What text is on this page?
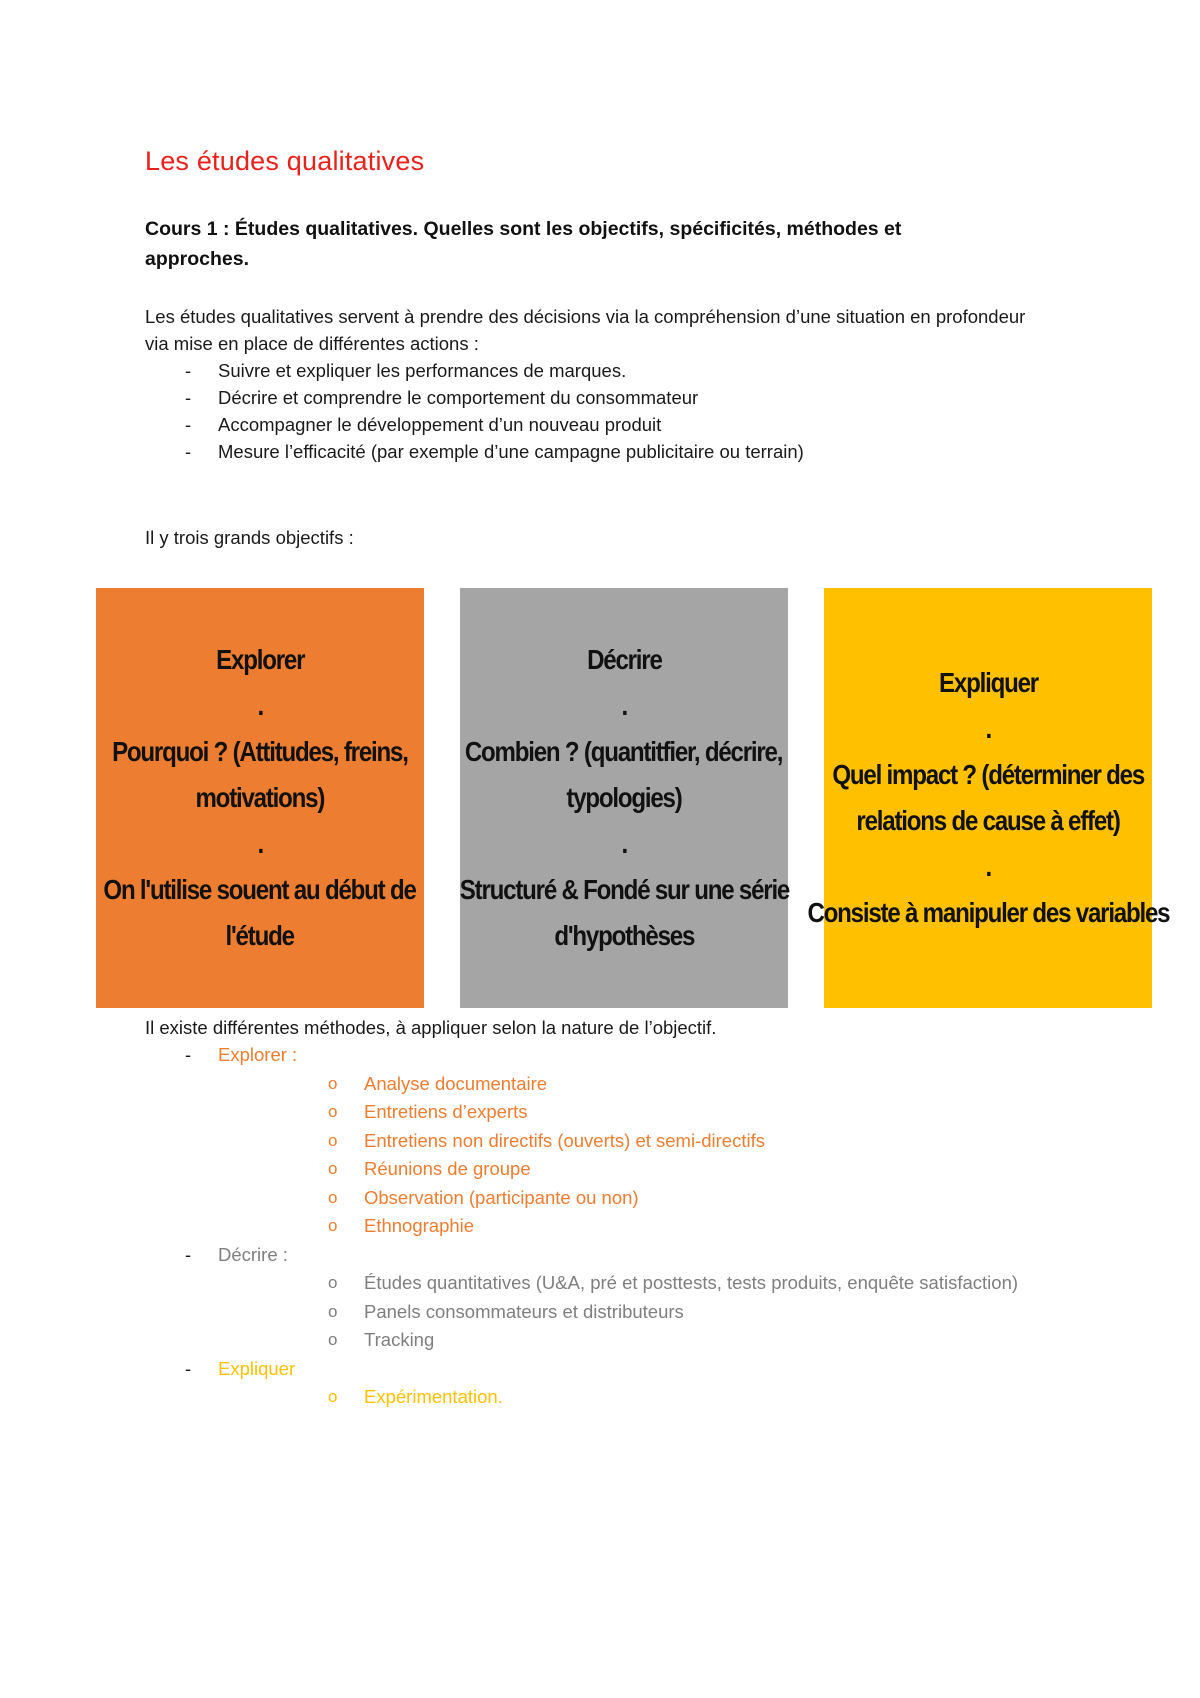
Les études qualitatives

Cours 1 : Études qualitatives. Quelles sont les objectifs, spécificités, méthodes et approches.

Les études qualitatives servent à prendre des décisions via la compréhension d’une situation en profondeur via mise en place de différentes actions :

- Suivre et expliquer les performances de marques.
- Décrire et comprendre le comportement du consommateur
- Accompagner le développement d’un nouveau produit
- Mesure l’efficacité (par exemple d’une campagne publicitaire ou terrain)

Il y trois grands objectifs :

Explorer
.
Pourquoi ? (Attitudes, freins,
motivations)
.
On l'utilise souent au début de
l'étude
Décrire
.
Combien ? (quantitfier, décrire,
typologies)
.
Structuré & Fondé sur une série
d'hypothèses
Expliquer
.
Quel impact ? (déterminer des
relations de cause à effet)
.
Consiste à manipuler des variables

Il existe différentes méthodes, à appliquer selon la nature de l’objectif.

- Explorer :
o Analyse documentaire
o Entretiens d’experts
o Entretiens non directifs (ouverts) et semi-directifs
o Réunions de groupe
o Observation (participante ou non)
o Ethnographie
- Décrire :
o Études quantitatives (U&A, pré et posttests, tests produits, enquête satisfaction)
o Panels consommateurs et distributeurs
o Tracking
- Expliquer
o Expérimentation.
